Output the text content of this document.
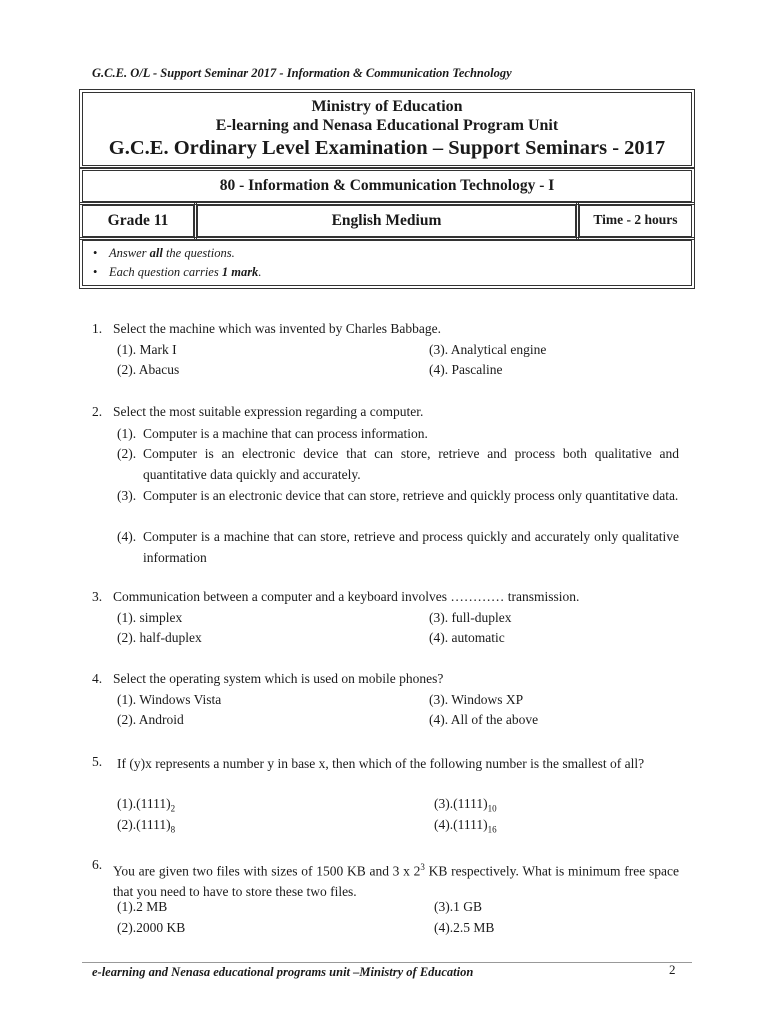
G.C.E. O/L - Support Seminar 2017 - Information & Communication Technology
Ministry of Education
E-learning and Nenasa Educational Program Unit
G.C.E. Ordinary Level Examination – Support Seminars - 2017
80 - Information & Communication Technology - I
Grade 11	English Medium	Time - 2 hours
• Answer all the questions.
• Each question carries 1 mark.
1. Select the machine which was invented by Charles Babbage.
(1). Mark I	(3). Analytical engine
(2). Abacus	(4). Pascaline
2. Select the most suitable expression regarding a computer.
(1). Computer is a machine that can process information.
(2). Computer is an electronic device that can store, retrieve and process both qualitative and quantitative data quickly and accurately.
(3). Computer is an electronic device that can store, retrieve and quickly process only quantitative data.
(4). Computer is a machine that can store, retrieve and process quickly and accurately only qualitative information
3. Communication between a computer and a keyboard involves ………… transmission.
(1). simplex	(3). full-duplex
(2). half-duplex	(4). automatic
4. Select the operating system which is used on mobile phones?
(1). Windows Vista	(3). Windows XP
(2). Android	(4). All of the above
5. If (y)x represents a number y in base x, then which of the following number is the smallest of all?
$(1).(1111)_2$	$(3).(1111)_{10}$
$(2).(1111)_8$	$(4).(1111)_{16}$
6. You are given two files with sizes of 1500 KB and 3 x $2^3$ KB respectively. What is minimum free space that you need to have to store these two files.
(1).2 MB	(3).1 GB
(2).2000 KB	(4).2.5 MB
e-learning and Nenasa educational programs unit –Ministry of Education	2
